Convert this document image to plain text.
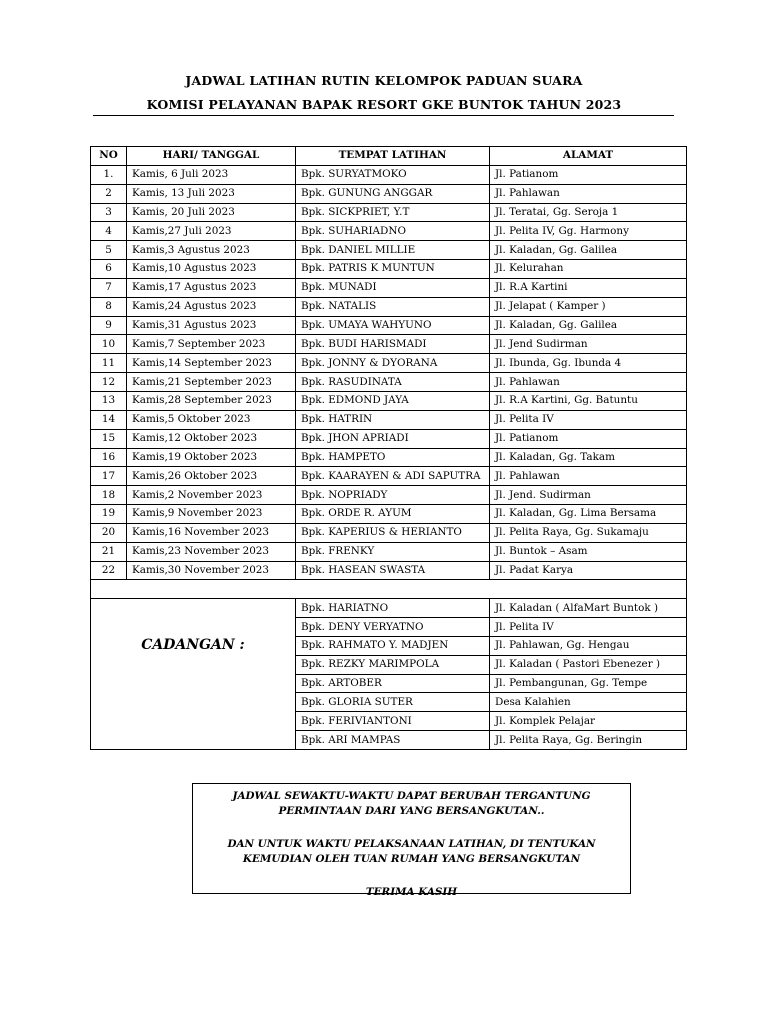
JADWAL LATIHAN RUTIN KELOMPOK PADUAN SUARA
KOMISI PELAYANAN BAPAK RESORT GKE BUNTOK TAHUN 2023
NO	HARI/ TANGGAL	TEMPAT LATIHAN	ALAMAT
1.	Kamis, 6 Juli 2023	Bpk. SURYATMOKO	Jl. Patianom
2	Kamis, 13 Juli 2023	Bpk. GUNUNG ANGGAR	Jl. Pahlawan
3	Kamis, 20 Juli 2023	Bpk. SICKPRIET, Y.T	Jl. Teratai, Gg. Seroja 1
4	Kamis,27 Juli 2023	Bpk. SUHARIADNO	Jl. Pelita IV, Gg. Harmony
5	Kamis,3 Agustus 2023	Bpk. DANIEL MILLIE	Jl. Kaladan, Gg. Galilea
6	Kamis,10 Agustus 2023	Bpk. PATRIS K MUNTUN	Jl. Kelurahan
7	Kamis,17 Agustus 2023	Bpk. MUNADI	Jl. R.A Kartini
8	Kamis,24 Agustus 2023	Bpk. NATALIS	Jl. Jelapat ( Kamper )
9	Kamis,31 Agustus 2023	Bpk. UMAYA WAHYUNO	Jl. Kaladan, Gg. Galilea
10	Kamis,7 September 2023	Bpk. BUDI HARISMADI	Jl. Jend Sudirman
11	Kamis,14 September 2023	Bpk. JONNY & DYORANA	Jl. Ibunda, Gg. Ibunda 4
12	Kamis,21 September 2023	Bpk. RASUDINATA	Jl. Pahlawan
13	Kamis,28 September 2023	Bpk. EDMOND JAYA	Jl. R.A Kartini, Gg. Batuntu
14	Kamis,5 Oktober 2023	Bpk. HATRIN	Jl. Pelita IV
15	Kamis,12 Oktober 2023	Bpk. JHON APRIADI	Jl. Patianom
16	Kamis,19 Oktober 2023	Bpk. HAMPETO	Jl. Kaladan, Gg. Takam
17	Kamis,26 Oktober 2023	Bpk. KAARAYEN & ADI SAPUTRA	Jl. Pahlawan
18	Kamis,2 November 2023	Bpk. NOPRIADY	Jl. Jend. Sudirman
19	Kamis,9 November 2023	Bpk. ORDE R. AYUM	Jl. Kaladan, Gg. Lima Bersama
20	Kamis,16 November 2023	Bpk. KAPERIUS & HERIANTO	Jl. Pelita Raya, Gg. Sukamaju
21	Kamis,23 November 2023	Bpk. FRENKY	Jl. Buntok – Asam
22	Kamis,30 November 2023	Bpk. HASEAN SWASTA	Jl. Padat Karya

CADANGAN :		Bpk. HARIATNO	Jl. Kaladan ( AlfaMart Buntok )
		Bpk. DENY VERYATNO	Jl. Pelita IV
		Bpk. RAHMATO Y. MADJEN	Jl. Pahlawan, Gg. Hengau
		Bpk. REZKY MARIMPOLA	Jl. Kaladan ( Pastori Ebenezer )
		Bpk. ARTOBER	Jl. Pembangunan, Gg. Tempe
		Bpk. GLORIA SUTER	Desa Kalahien
		Bpk. FERIVIANTONI	Jl. Komplek Pelajar
		Bpk. ARI MAMPAS	Jl. Pelita Raya, Gg. Beringin

JADWAL SEWAKTU-WAKTU DAPAT BERUBAH TERGANTUNG PERMINTAAN DARI YANG BERSANGKUTAN..

DAN UNTUK WAKTU PELAKSANAAN LATIHAN, DI TENTUKAN KEMUDIAN OLEH TUAN RUMAH YANG BERSANGKUTAN

TERIMA KASIH
